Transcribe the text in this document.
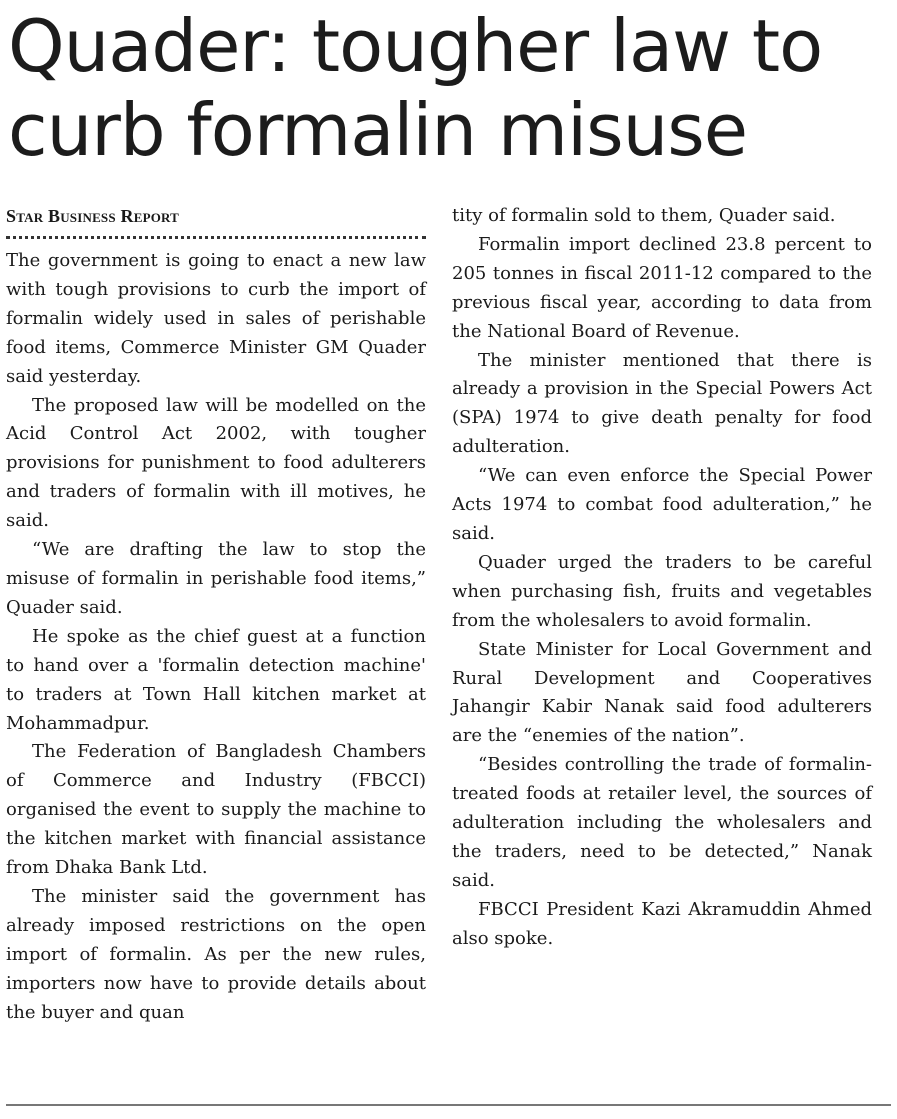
Quader: tougher law to curb formalin misuse
Star Business Report

The government is going to enact a new law with tough provisions to curb the import of formalin widely used in sales of perishable food items, Commerce Minister GM Quader said yesterday.

The proposed law will be modelled on the Acid Control Act 2002, with tougher provisions for punishment to food adulterers and traders of formalin with ill motives, he said.

“We are drafting the law to stop the misuse of formalin in perishable food items,” Quader said.

He spoke as the chief guest at a function to hand over a 'formalin detection machine' to traders at Town Hall kitchen market at Mohammadpur.

The Federation of Bangladesh Chambers of Commerce and Industry (FBCCI) organised the event to supply the machine to the kitchen market with financial assistance from Dhaka Bank Ltd.

The minister said the government has already imposed restrictions on the open import of formalin. As per the new rules, importers now have to provide details about the buyer and quan

tity of formalin sold to them, Quader said.

Formalin import declined 23.8 percent to 205 tonnes in fiscal 2011-12 compared to the previous fiscal year, according to data from the National Board of Revenue.

The minister mentioned that there is already a provision in the Special Powers Act (SPA) 1974 to give death penalty for food adulteration.

“We can even enforce the Special Power Acts 1974 to combat food adulteration,” he said.

Quader urged the traders to be careful when purchasing fish, fruits and vegetables from the wholesalers to avoid formalin.

State Minister for Local Government and Rural Development and Cooperatives Jahangir Kabir Nanak said food adulterers are the “enemies of the nation”.

“Besides controlling the trade of formalin-treated foods at retailer level, the sources of adulteration including the wholesalers and the traders, need to be detected,” Nanak said.

FBCCI President Kazi Akramuddin Ahmed also spoke.
